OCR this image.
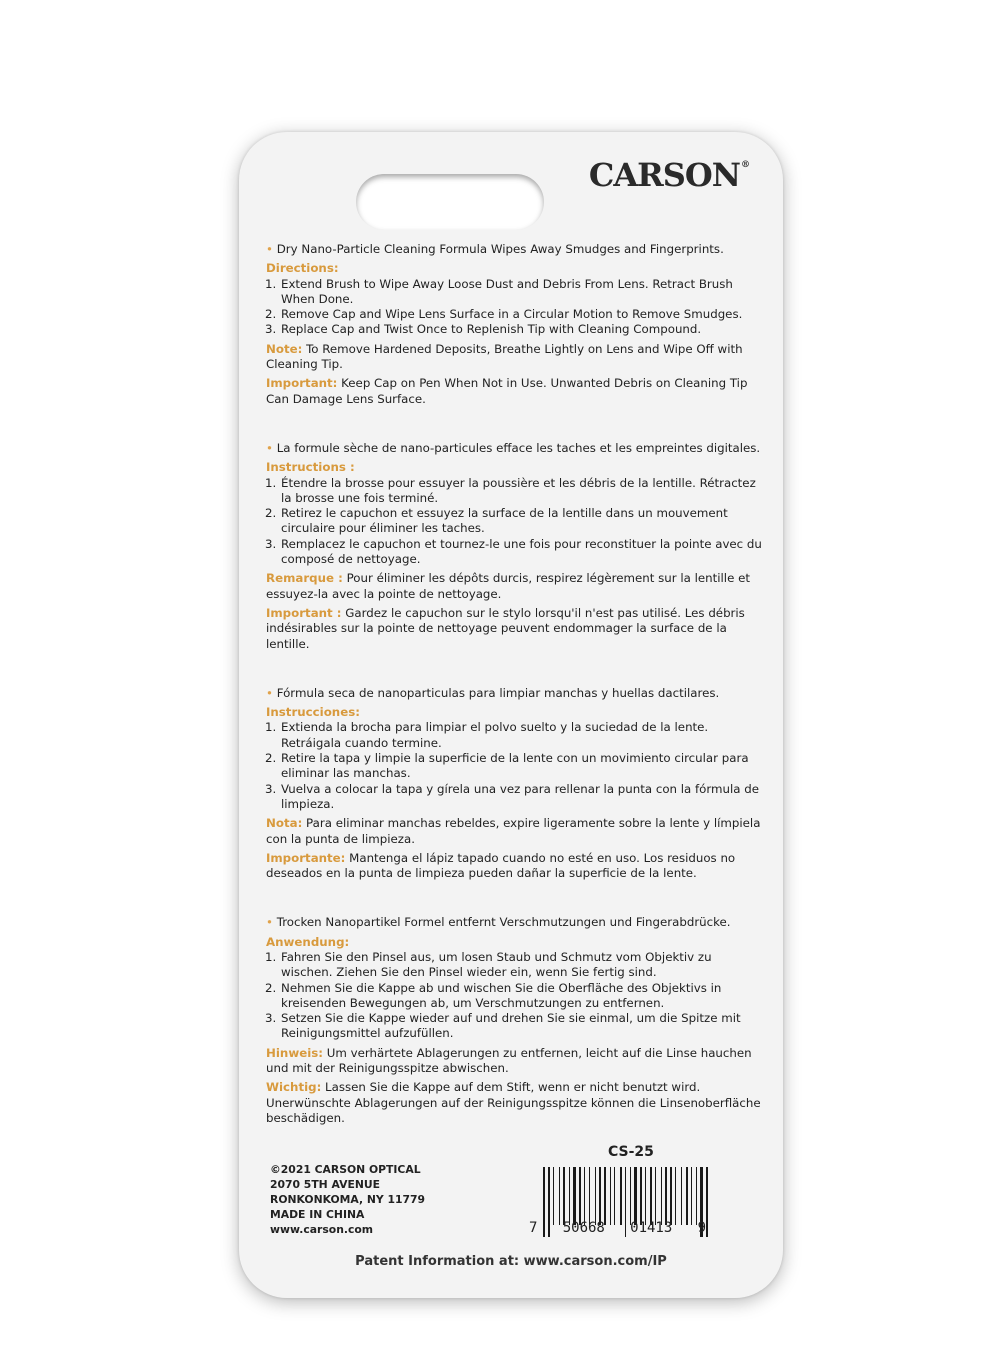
CARSON®

• Dry Nano-Particle Cleaning Formula Wipes Away Smudges and Fingerprints.

Directions:
1. Extend Brush to Wipe Away Loose Dust and Debris From Lens. Retract Brush When Done.
2. Remove Cap and Wipe Lens Surface in a Circular Motion to Remove Smudges.
3. Replace Cap and Twist Once to Replenish Tip with Cleaning Compound.

Note: To Remove Hardened Deposits, Breathe Lightly on Lens and Wipe Off with Cleaning Tip.

Important: Keep Cap on Pen When Not in Use. Unwanted Debris on Cleaning Tip Can Damage Lens Surface.

• La formule sèche de nano-particules efface les taches et les empreintes digitales.

Instructions :
1. Étendre la brosse pour essuyer la poussière et les débris de la lentille. Rétractez la brosse une fois terminé.
2. Retirez le capuchon et essuyez la surface de la lentille dans un mouvement circulaire pour éliminer les taches.
3. Remplacez le capuchon et tournez-le une fois pour reconstituer la pointe avec du composé de nettoyage.

Remarque : Pour éliminer les dépôts durcis, respirez légèrement sur la lentille et essuyez-la avec la pointe de nettoyage.

Important : Gardez le capuchon sur le stylo lorsqu'il n'est pas utilisé. Les débris indésirables sur la pointe de nettoyage peuvent endommager la surface de la lentille.

• Fórmula seca de nanoparticulas para limpiar manchas y huellas dactilares.

Instrucciones:
1. Extienda la brocha para limpiar el polvo suelto y la suciedad de la lente. Retráigala cuando termine.
2. Retire la tapa y limpie la superficie de la lente con un movimiento circular para eliminar las manchas.
3. Vuelva a colocar la tapa y gírela una vez para rellenar la punta con la fórmula de limpieza.

Nota: Para eliminar manchas rebeldes, expire ligeramente sobre la lente y límpiela con la punta de limpieza.

Importante: Mantenga el lápiz tapado cuando no esté en uso. Los residuos no deseados en la punta de limpieza pueden dañar la superficie de la lente.

• Trocken Nanopartikel Formel entfernt Verschmutzungen und Fingerabdrücke.

Anwendung:
1. Fahren Sie den Pinsel aus, um losen Staub und Schmutz vom Objektiv zu wischen. Ziehen Sie den Pinsel wieder ein, wenn Sie fertig sind.
2. Nehmen Sie die Kappe ab und wischen Sie die Oberfläche des Objektivs in kreisenden Bewegungen ab, um Verschmutzungen zu entfernen.
3. Setzen Sie die Kappe wieder auf und drehen Sie sie einmal, um die Spitze mit Reinigungsmittel aufzufüllen.

Hinweis: Um verhärtete Ablagerungen zu entfernen, leicht auf die Linse hauchen und mit der Reinigungsspitze abwischen.

Wichtig: Lassen Sie die Kappe auf dem Stift, wenn er nicht benutzt wird. Unerwünschte Ablagerungen auf der Reinigungsspitze können die Linsenoberfläche beschädigen.

©2021 CARSON OPTICAL
2070 5TH AVENUE
RONKONKOMA, NY 11779
MADE IN CHINA
www.carson.com
CS-25
7   50668   01413   9
Patent Information at: www.carson.com/IP
